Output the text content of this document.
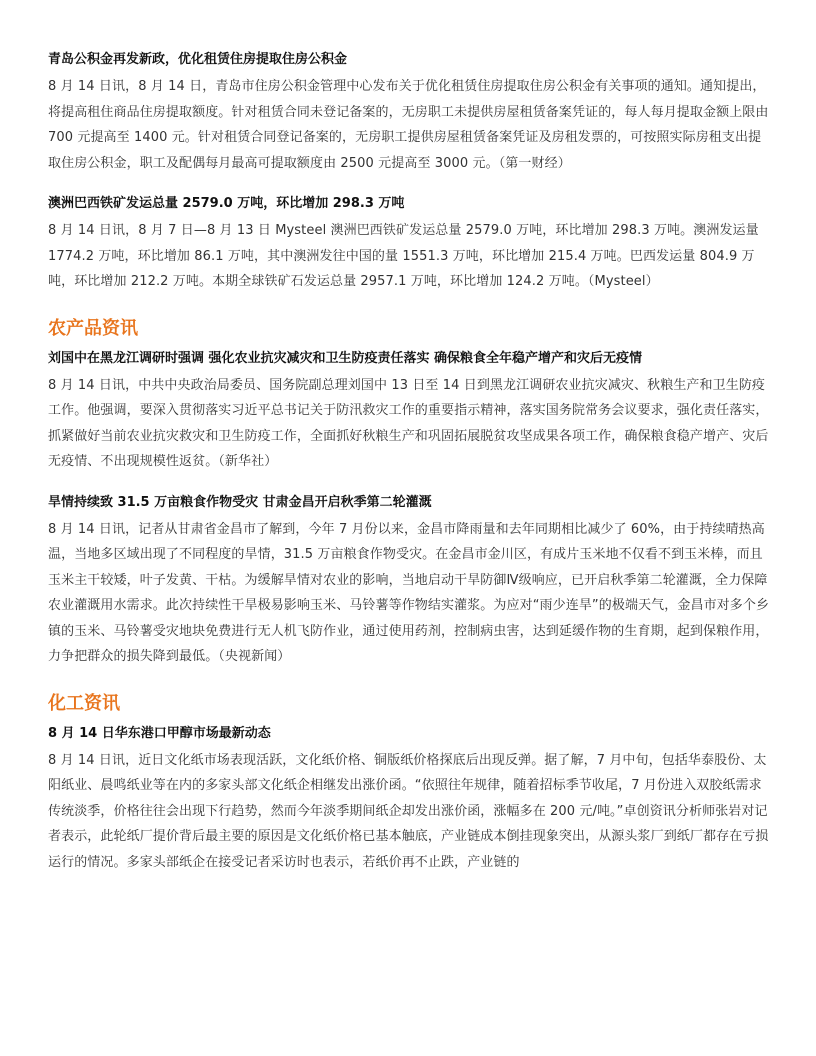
青岛公积金再发新政，优化租赁住房提取住房公积金

8 月 14 日讯，8 月 14 日，青岛市住房公积金管理中心发布关于优化租赁住房提取住房公积金有关事项的通知。通知提出，将提高租住商品住房提取额度。针对租赁合同未登记备案的，无房职工未提供房屋租赁备案凭证的，每人每月提取金额上限由 700 元提高至 1400 元。针对租赁合同登记备案的，无房职工提供房屋租赁备案凭证及房租发票的，可按照实际房租支出提取住房公积金，职工及配偶每月最高可提取额度由 2500 元提高至 3000 元。（第一财经）

澳洲巴西铁矿发运总量 2579.0 万吨，环比增加 298.3 万吨

8 月 14 日讯，8 月 7 日—8 月 13 日 Mysteel 澳洲巴西铁矿发运总量 2579.0 万吨，环比增加 298.3 万吨。澳洲发运量 1774.2 万吨，环比增加 86.1 万吨，其中澳洲发往中国的量 1551.3 万吨，环比增加 215.4 万吨。巴西发运量 804.9 万吨，环比增加 212.2 万吨。本期全球铁矿石发运总量 2957.1 万吨，环比增加 124.2 万吨。（Mysteel）

农产品资讯

刘国中在黑龙江调研时强调 强化农业抗灾减灾和卫生防疫责任落实 确保粮食全年稳产增产和灾后无疫情

8 月 14 日讯，中共中央政治局委员、国务院副总理刘国中 13 日至 14 日到黑龙江调研农业抗灾减灾、秋粮生产和卫生防疫工作。他强调，要深入贯彻落实习近平总书记关于防汛救灾工作的重要指示精神，落实国务院常务会议要求，强化责任落实，抓紧做好当前农业抗灾救灾和卫生防疫工作，全面抓好秋粮生产和巩固拓展脱贫攻坚成果各项工作，确保粮食稳产增产、灾后无疫情、不出现规模性返贫。（新华社）

旱情持续致 31.5 万亩粮食作物受灾 甘肃金昌开启秋季第二轮灌溉

8 月 14 日讯，记者从甘肃省金昌市了解到，今年 7 月份以来，金昌市降雨量和去年同期相比减少了 60%，由于持续晴热高温，当地多区域出现了不同程度的旱情，31.5 万亩粮食作物受灾。在金昌市金川区，有成片玉米地不仅看不到玉米棒，而且玉米主干较矮，叶子发黄、干枯。为缓解旱情对农业的影响，当地启动干旱防御Ⅳ级响应，已开启秋季第二轮灌溉，全力保障农业灌溉用水需求。此次持续性干旱极易影响玉米、马铃薯等作物结实灌浆。为应对“雨少连旱”的极端天气，金昌市对多个乡镇的玉米、马铃薯受灾地块免费进行无人机飞防作业，通过使用药剂，控制病虫害，达到延缓作物的生育期，起到保粮作用，力争把群众的损失降到最低。（央视新闻）

化工资讯

8 月 14 日华东港口甲醇市场最新动态

8 月 14 日讯，近日文化纸市场表现活跃，文化纸价格、铜版纸价格探底后出现反弹。据了解，7 月中旬，包括华泰股份、太阳纸业、晨鸣纸业等在内的多家头部文化纸企相继发出涨价函。“依照往年规律，随着招标季节收尾，7 月份进入双胶纸需求传统淡季，价格往往会出现下行趋势，然而今年淡季期间纸企却发出涨价函，涨幅多在 200 元/吨。”卓创资讯分析师张岩对记者表示，此轮纸厂提价背后最主要的原因是文化纸价格已基本触底，产业链成本倒挂现象突出，从源头浆厂到纸厂都存在亏损运行的情况。多家头部纸企在接受记者采访时也表示，若纸价再不止跌，产业链的
